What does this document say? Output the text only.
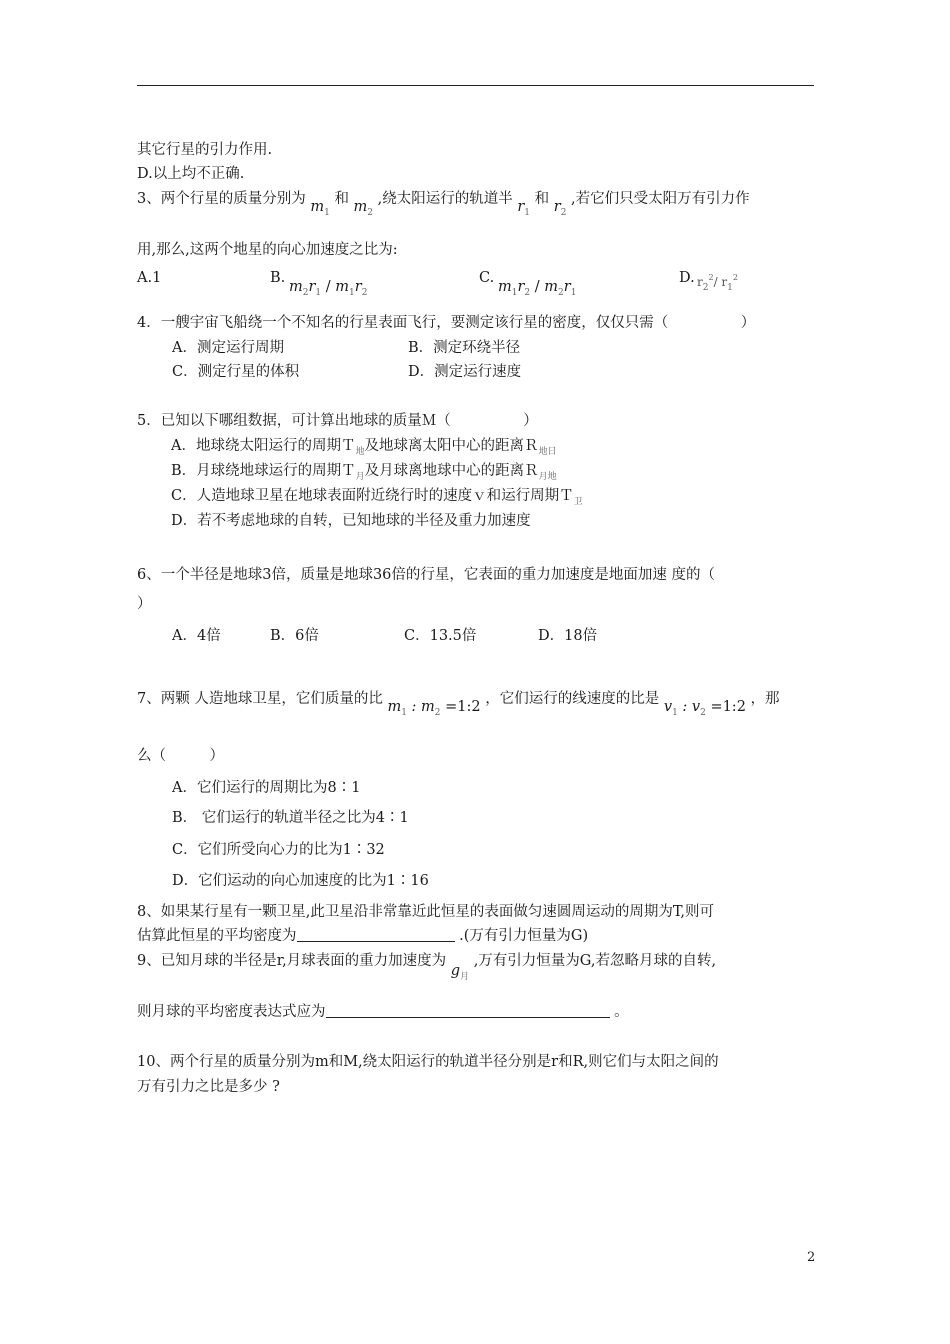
其它行星的引力作用.
D.以上均不正确.
3、两个行星的质量分别为 $m_1$ 和 $m_2$ ,绕太阳运行的轨道半 $r_1$ 和 $r_2$ ,若它们只受太阳万有引力作
用,那么,这两个地星的向心加速度之比为:
A.1	B.
$m_2r_1 / m_1r_2$
C.
$m_1r_2 / m_2r_1$
D. $r_2^2/$ $r_1^2$
4．一艘宇宙飞船绕一个不知名的行星表面飞行，要测定该行星的密度，仅仅只需（　　　　　）
A．测定运行周期	B．测定环绕半径
C．测定行星的体积	D．测定运行速度
5．已知以下哪组数据，可计算出地球的质量Ｍ（　　　　　）
A．地球绕太阳运行的周期Ｔ$_地$及地球离太阳中心的距离Ｒ$_{地日}$
B．月球绕地球运行的周期Ｔ$_月$及月球离地球中心的距离Ｒ$_{月地}$
C．人造地球卫星在地球表面附近绕行时的速度ｖ和运行周期Ｔ$_卫$
D．若不考虑地球的自转，已知地球的半径及重力加速度
6、一个半径是地球3倍，质量是地球36倍的行星，它表面的重力加速度是地面加速 度的（
）
A．4倍	B．6倍	C．13.5倍	D．18倍
7、两颗 人造地球卫星，它们质量的比 $m_1$ : $m_2$ =1:2 ，它们运行的线速度的比是 $v_1$ : $v_2$ =1:2 ，那
么（　　　）
A．它们运行的周期比为8∶1
B． 它们运行的轨道半径之比为4∶1
C．它们所受向心力的比为1∶32
D．它们运动的向心加速度的比为1∶16
8、如果某行星有一颗卫星,此卫星沿非常靠近此恒星的表面做匀速圆周运动的周期为T,则可
估算此恒星的平均密度为	.(万有引力恒量为G)
9、已知月球的半径是r,月球表面的重力加速度为 $g_月$ ,万有引力恒量为G,若忽略月球的自转,
则月球的平均密度表达式应为	。
10、两个行星的质量分别为m和M,绕太阳运行的轨道半径分别是r和R,则它们与太阳之间的
万有引力之比是多少 ?
2
